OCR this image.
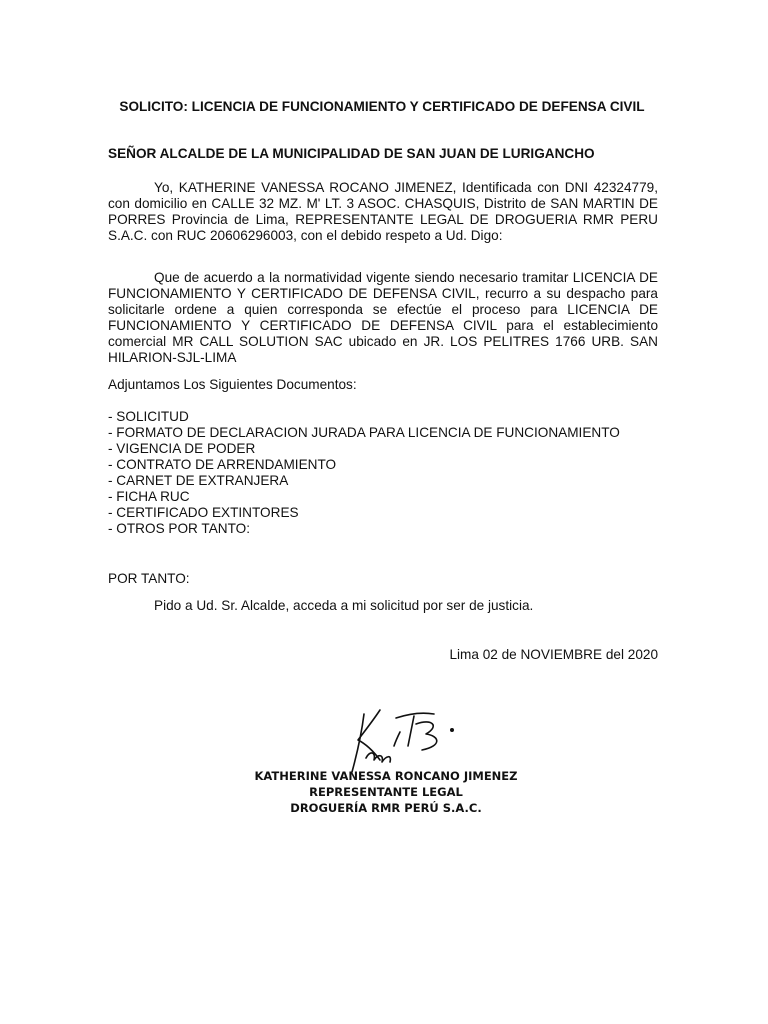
SOLICITO: LICENCIA DE FUNCIONAMIENTO Y CERTIFICADO DE DEFENSA CIVIL
SEÑOR ALCALDE DE LA MUNICIPALIDAD DE SAN JUAN DE LURIGANCHO

Yo, KATHERINE VANESSA ROCANO JIMENEZ, Identificada con DNI 42324779, con domicilio en CALLE 32 MZ. M' LT. 3 ASOC. CHASQUIS, Distrito de SAN MARTIN DE PORRES Provincia de Lima, REPRESENTANTE LEGAL DE DROGUERIA RMR PERU S.A.C. con RUC 20606296003, con el debido respeto a Ud. Digo:

Que de acuerdo a la normatividad vigente siendo necesario tramitar LICENCIA DE FUNCIONAMIENTO Y CERTIFICADO DE DEFENSA CIVIL, recurro a su despacho para solicitarle ordene a quien corresponda se efectúe el proceso para LICENCIA DE FUNCIONAMIENTO Y CERTIFICADO DE DEFENSA CIVIL para el establecimiento comercial MR CALL SOLUTION SAC ubicado en JR. LOS PELITRES 1766 URB. SAN HILARION-SJL-LIMA

Adjuntamos Los Siguientes Documentos:
- SOLICITUD
- FORMATO DE DECLARACION JURADA PARA LICENCIA DE FUNCIONAMIENTO
- VIGENCIA DE PODER
- CONTRATO DE ARRENDAMIENTO
- CARNET DE EXTRANJERA
- FICHA RUC
- CERTIFICADO EXTINTORES
- OTROS POR TANTO:
POR TANTO:
Pido a Ud. Sr. Alcalde, acceda a mi solicitud por ser de justicia.
Lima 02 de NOVIEMBRE del 2020
KATHERINE VANESSA RONCANO JIMENEZ
REPRESENTANTE LEGAL
DROGUERÍA RMR PERÚ S.A.C.
